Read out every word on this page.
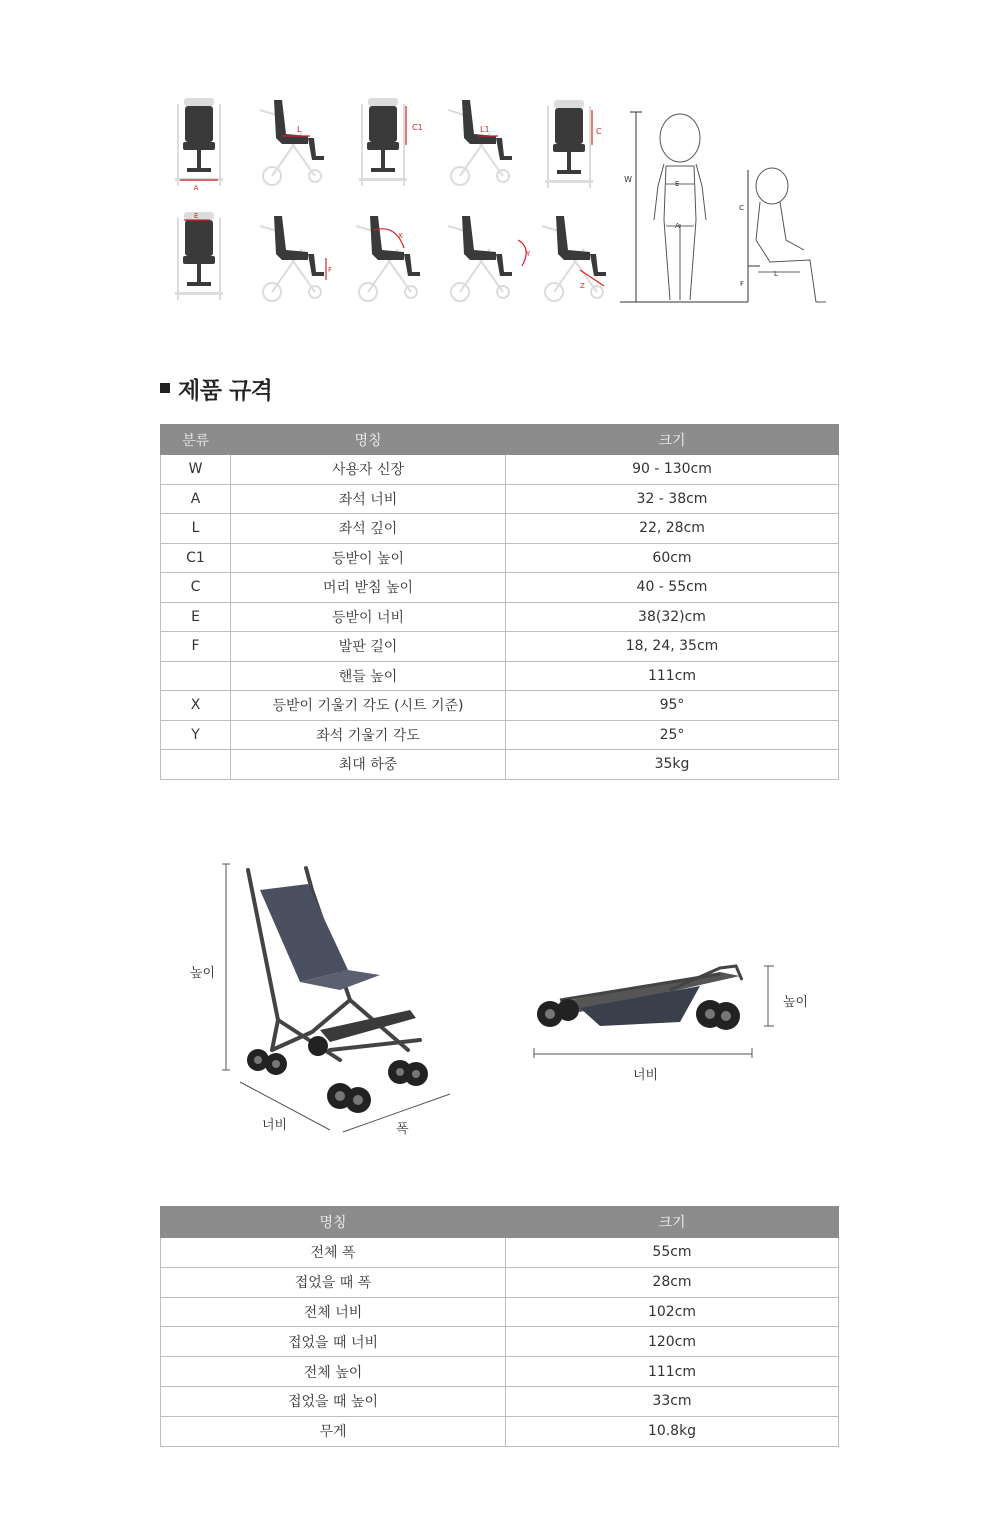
A
L	C1	L1	C
E
F
X
Y
Z
W	E
A
C
F
L
제품 규격
분류	명칭	크기
W	사용자 신장	90 - 130cm
A	좌석 너비	32 - 38cm
L	좌석 깊이	22, 28cm
C1	등받이 높이	60cm
C	머리 받침 높이	40 - 55cm
E	등받이 너비	38(32)cm
F	발판 길이	18, 24, 35cm
	핸들 높이	111cm
X	등받이 기울기 각도 (시트 기준)	95°
Y	좌석 기울기 각도	25°
	최대 하중	35kg
높이
너비	폭
높이
너비
명칭	크기
전체 폭	55cm
접었을 때 폭	28cm
전체 너비	102cm
접었을 때 너비	120cm
전체 높이	111cm
접었을 때 높이	33cm
무게	10.8kg
